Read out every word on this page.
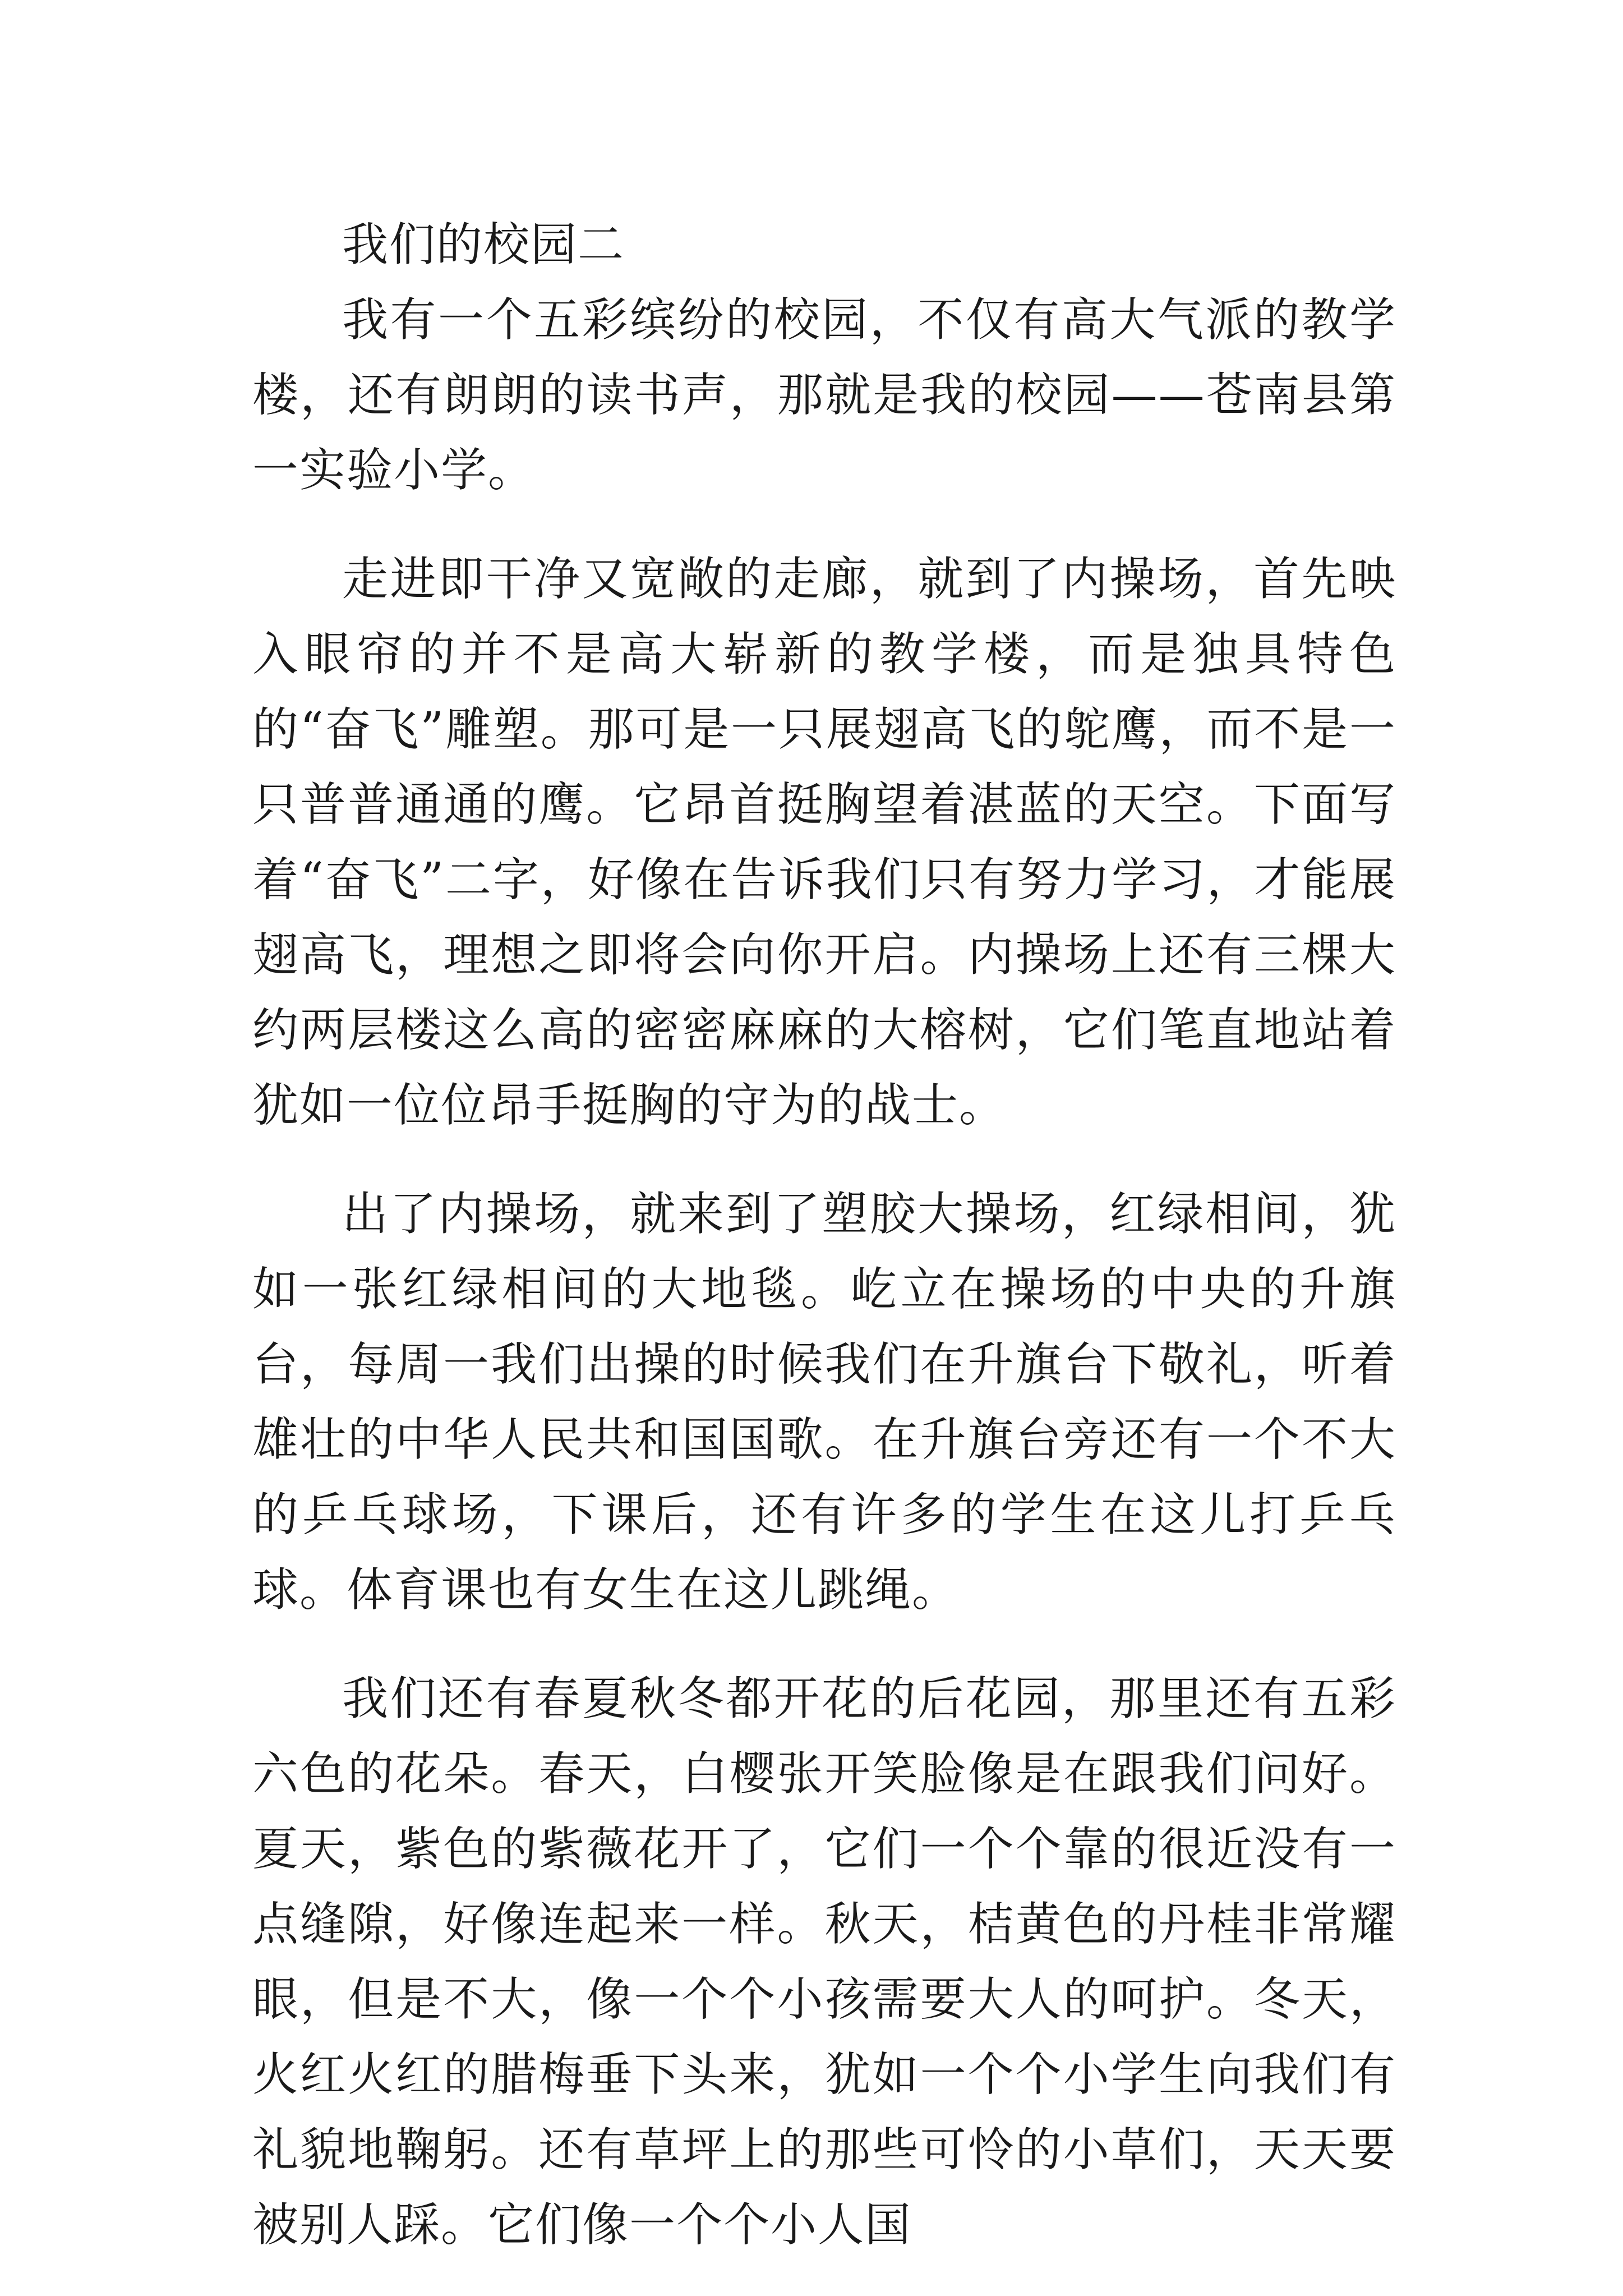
我们的校园二

我有一个五彩缤纷的校园，不仅有高大气派的教学楼，还有朗朗的读书声，那就是我的校园——苍南县第一实验小学。

走进即干净又宽敞的走廊，就到了内操场，首先映入眼帘的并不是高大崭新的教学楼，而是独具特色的“奋飞”雕塑。那可是一只展翅高飞的鸵鹰，而不是一只普普通通的鹰。它昂首挺胸望着湛蓝的天空。下面写着“奋飞”二字，好像在告诉我们只有努力学习，才能展翅高飞，理想之即将会向你开启。内操场上还有三棵大约两层楼这么高的密密麻麻的大榕树，它们笔直地站着犹如一位位昂手挺胸的守为的战士。

出了内操场，就来到了塑胶大操场，红绿相间，犹如一张红绿相间的大地毯。屹立在操场的中央的升旗台，每周一我们出操的时候我们在升旗台下敬礼，听着雄壮的中华人民共和国国歌。在升旗台旁还有一个不大的乒乓球场，下课后，还有许多的学生在这儿打乒乓球。体育课也有女生在这儿跳绳。

我们还有春夏秋冬都开花的后花园，那里还有五彩六色的花朵。春天，白樱张开笑脸像是在跟我们问好。夏天，紫色的紫薇花开了，它们一个个靠的很近没有一点缝隙，好像连起来一样。秋天，桔黄色的丹桂非常耀眼，但是不大，像一个个小孩需要大人的呵护。冬天，火红火红的腊梅垂下头来，犹如一个个小学生向我们有礼貌地鞠躬。还有草坪上的那些可怜的小草们，天天要被别人踩。它们像一个个小人国
